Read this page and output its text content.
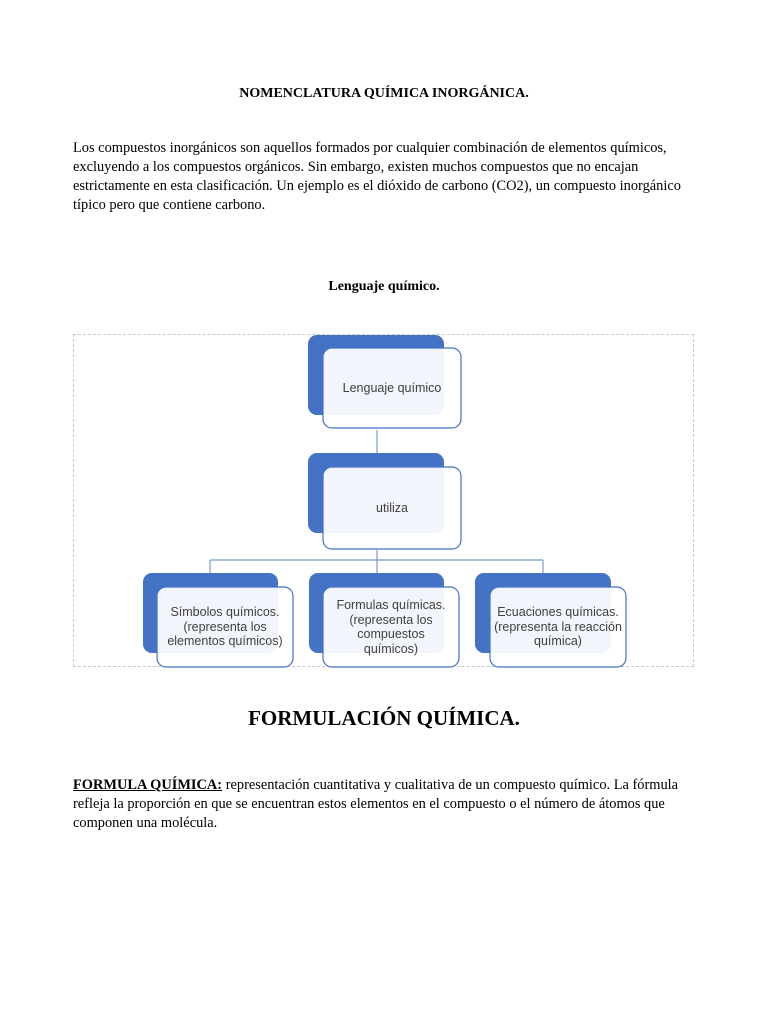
NOMENCLATURA QUÍMICA INORGÁNICA.
Los compuestos inorgánicos son aquellos formados por cualquier combinación de elementos químicos, excluyendo a los compuestos orgánicos. Sin embargo, existen muchos compuestos que no encajan estrictamente en esta clasificación. Un ejemplo es el dióxido de carbono (CO2), un compuesto inorgánico típico pero que contiene carbono.
Lenguaje químico.
Lenguaje químico
utiliza
Símbolos químicos.(representa los elementos químicos)
Formulas químicas.(representa los compuestos químicos)
Ecuaciones químicas.(representa la reacción química)
FORMULACIÓN QUÍMICA.
FORMULA QUÍMICA: representación cuantitativa y cualitativa de un compuesto químico. La fórmula refleja la proporción en que se encuentran estos elementos en el compuesto o el número de átomos que componen una molécula.
